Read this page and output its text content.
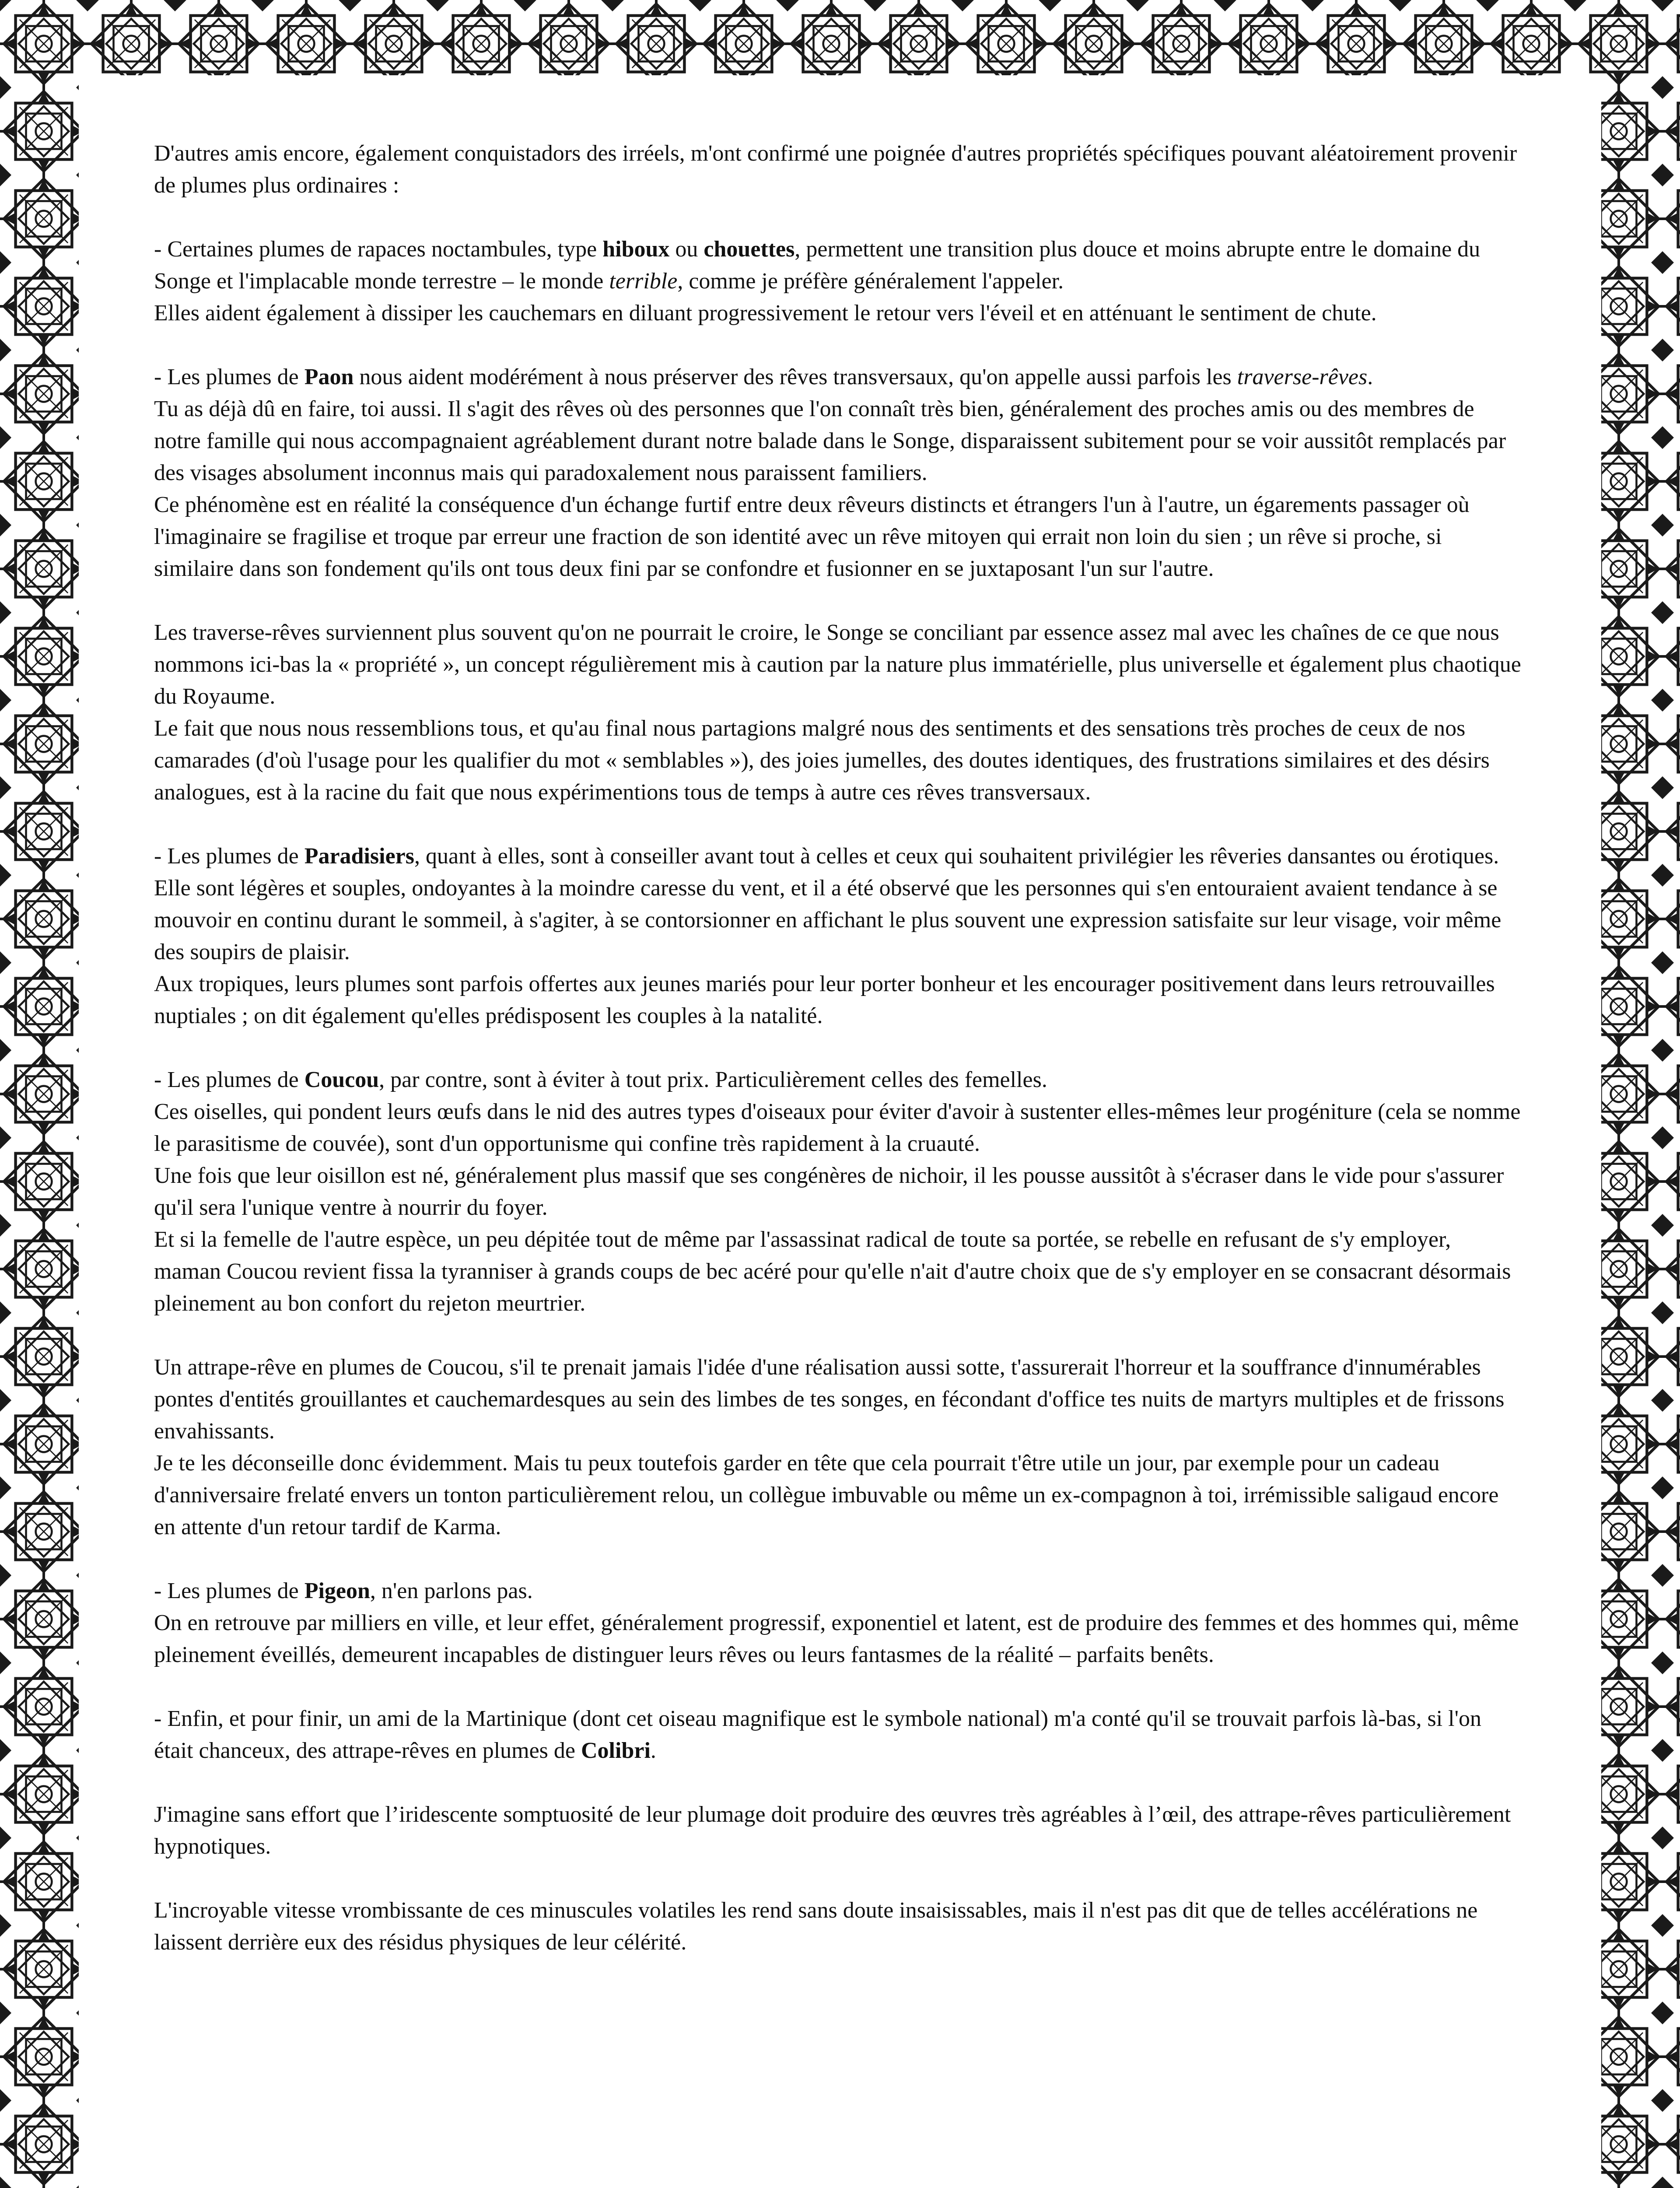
D'autres amis encore, également conquistadors des irréels, m'ont confirmé une poignée d'autres propriétés spécifiques pouvant aléatoirement provenir de plumes plus ordinaires :

- Certaines plumes de rapaces noctambules, type hiboux ou chouettes, permettent une transition plus douce et moins abrupte entre le domaine du Songe et l'implacable monde terrestre – le monde terrible, comme je préfère généralement l'appeler.
Elles aident également à dissiper les cauchemars en diluant progressivement le retour vers l'éveil et en atténuant le sentiment de chute.

- Les plumes de Paon nous aident modérément à nous préserver des rêves transversaux, qu'on appelle aussi parfois les traverse-rêves.
Tu as déjà dû en faire, toi aussi. Il s'agit des rêves où des personnes que l'on connaît très bien, généralement des proches amis ou des membres de notre famille qui nous accompagnaient agréablement durant notre balade dans le Songe, disparaissent subitement pour se voir aussitôt remplacés par des visages absolument inconnus mais qui paradoxalement nous paraissent familiers.
Ce phénomène est en réalité la conséquence d'un échange furtif entre deux rêveurs distincts et étrangers l'un à l'autre, un égarements passager où l'imaginaire se fragilise et troque par erreur une fraction de son identité avec un rêve mitoyen qui errait non loin du sien ; un rêve si proche, si similaire dans son fondement qu'ils ont tous deux fini par se confondre et fusionner en se juxtaposant l'un sur l'autre.

Les traverse-rêves surviennent plus souvent qu'on ne pourrait le croire, le Songe se conciliant par essence assez mal avec les chaînes de ce que nous nommons ici-bas la « propriété », un concept régulièrement mis à caution par la nature plus immatérielle, plus universelle et également plus chaotique du Royaume.
Le fait que nous nous ressemblions tous, et qu'au final nous partagions malgré nous des sentiments et des sensations très proches de ceux de nos camarades (d'où l'usage pour les qualifier du mot « semblables »), des joies jumelles, des doutes identiques, des frustrations similaires et des désirs analogues, est à la racine du fait que nous expérimentions tous de temps à autre ces rêves transversaux.

- Les plumes de Paradisiers, quant à elles, sont à conseiller avant tout à celles et ceux qui souhaitent privilégier les rêveries dansantes ou érotiques.
Elle sont légères et souples, ondoyantes à la moindre caresse du vent, et il a été observé que les personnes qui s'en entouraient avaient tendance à se mouvoir en continu durant le sommeil, à s'agiter, à se contorsionner en affichant le plus souvent une expression satisfaite sur leur visage, voir même des soupirs de plaisir.
Aux tropiques, leurs plumes sont parfois offertes aux jeunes mariés pour leur porter bonheur et les encourager positivement dans leurs retrouvailles nuptiales ; on dit également qu'elles prédisposent les couples à la natalité.

- Les plumes de Coucou, par contre, sont à éviter à tout prix. Particulièrement celles des femelles.
Ces oiselles, qui pondent leurs œufs dans le nid des autres types d'oiseaux pour éviter d'avoir à sustenter elles-mêmes leur progéniture (cela se nomme le parasitisme de couvée), sont d'un opportunisme qui confine très rapidement à la cruauté.
Une fois que leur oisillon est né, généralement plus massif que ses congénères de nichoir, il les pousse aussitôt à s'écraser dans le vide pour s'assurer qu'il sera l'unique ventre à nourrir du foyer.
Et si la femelle de l'autre espèce, un peu dépitée tout de même par l'assassinat radical de toute sa portée, se rebelle en refusant de s'y employer, maman Coucou revient fissa la tyranniser à grands coups de bec acéré pour qu'elle n'ait d'autre choix que de s'y employer en se consacrant désormais pleinement au bon confort du rejeton meurtrier.

Un attrape-rêve en plumes de Coucou, s'il te prenait jamais l'idée d'une réalisation aussi sotte, t'assurerait l'horreur et la souffrance d'innumérables pontes d'entités grouillantes et cauchemardesques au sein des limbes de tes songes, en fécondant d'office tes nuits de martyrs multiples et de frissons envahissants.
Je te les déconseille donc évidemment. Mais tu peux toutefois garder en tête que cela pourrait t'être utile un jour, par exemple pour un cadeau d'anniversaire frelaté envers un tonton particulièrement relou, un collègue imbuvable ou même un ex-compagnon à toi, irrémissible saligaud encore en attente d'un retour tardif de Karma.

- Les plumes de Pigeon, n'en parlons pas.
On en retrouve par milliers en ville, et leur effet, généralement progressif, exponentiel et latent, est de produire des femmes et des hommes qui, même pleinement éveillés, demeurent incapables de distinguer leurs rêves ou leurs fantasmes de la réalité – parfaits benêts.

- Enfin, et pour finir, un ami de la Martinique (dont cet oiseau magnifique est le symbole national) m'a conté qu'il se trouvait parfois là-bas, si l'on était chanceux, des attrape-rêves en plumes de Colibri.

J'imagine sans effort que l’iridescente somptuosité de leur plumage doit produire des œuvres très agréables à l’œil, des attrape-rêves particulièrement hypnotiques.

L'incroyable vitesse vrombissante de ces minuscules volatiles les rend sans doute insaisissables, mais il n'est pas dit que de telles accélérations ne laissent derrière eux des résidus physiques de leur célérité.
